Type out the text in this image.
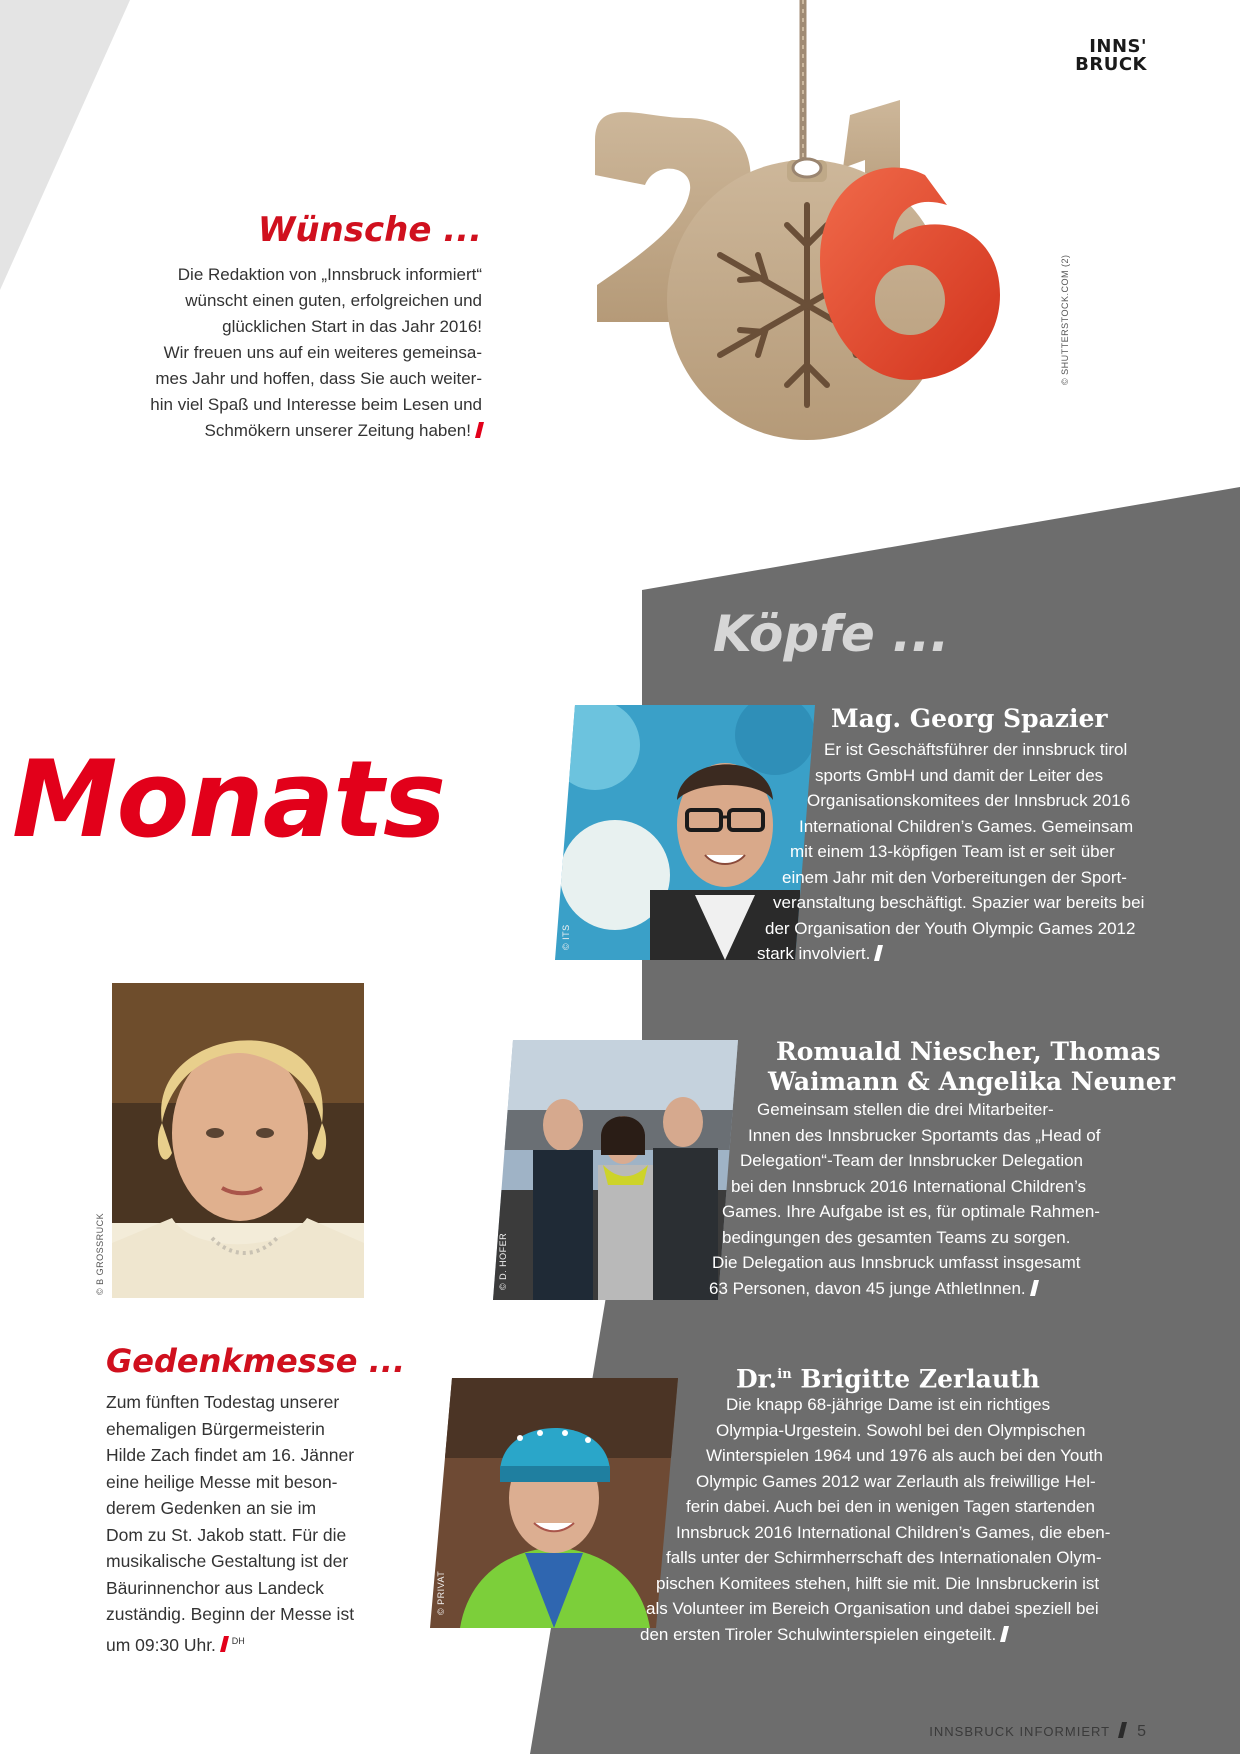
INNS'
BRUCK
© SHUTTERSTOCK.COM (2)
Wünsche ...
Die Redaktion von „Innsbruck informiert“
wünscht einen guten, erfolgreichen und
glücklichen Start in das Jahr 2016!
Wir freuen uns auf ein weiteres gemeinsa-
mes Jahr und hoffen, dass Sie auch weiter-
hin viel Spaß und Interesse beim Lesen und
Schmökern unserer Zeitung haben!
Monats
Köpfe ...
© ITS
Mag. Georg Spazier
Er ist Geschäftsführer der innsbruck tirol
sports GmbH und damit der Leiter des
Organisationskomitees der Innsbruck 2016
International Children’s Games. Gemeinsam
mit einem 13-köpfigen Team ist er seit über
einem Jahr mit den Vorbereitungen der Sport-
veranstaltung beschäftigt. Spazier war bereits bei
der Organisation der Youth Olympic Games 2012
stark involviert.
© D. HOFER
Romuald Niescher, Thomas
Waimann & Angelika Neuner
Gemeinsam stellen die drei Mitarbeiter-
Innen des Innsbrucker Sportamts das „Head of
Delegation“-Team der Innsbrucker Delegation
bei den Innsbruck 2016 International Children’s
Games. Ihre Aufgabe ist es, für optimale Rahmen-
bedingungen des gesamten Teams zu sorgen.
Die Delegation aus Innsbruck umfasst insgesamt
63 Personen, davon 45 junge AthletInnen.
© B GROSSRUCK
Gedenkmesse ...
Zum fünften Todestag unserer
ehemaligen Bürgermeisterin
Hilde Zach findet am 16. Jänner
eine heilige Messe mit beson-
derem Gedenken an sie im
Dom zu St. Jakob statt. Für die
musikalische Gestaltung ist der
Bäurinnenchor aus Landeck
zuständig. Beginn der Messe ist
um 09:30 Uhr. $^{DH}$
© PRIVAT
Dr.$^{in}$ Brigitte Zerlauth
Die knapp 68-jährige Dame ist ein richtiges
Olympia-Urgestein. Sowohl bei den Olympischen
Winterspielen 1964 und 1976 als auch bei den Youth
Olympic Games 2012 war Zerlauth als freiwillige Hel-
ferin dabei. Auch bei den in wenigen Tagen startenden
Innsbruck 2016 International Children’s Games, die eben-
falls unter der Schirmherrschaft des Internationalen Olym-
pischen Komitees stehen, hilft sie mit. Die Innsbruckerin ist
als Volunteer im Bereich Organisation und dabei speziell bei
den ersten Tiroler Schulwinterspielen eingeteilt.
INNSBRUCK INFORMIERT 5
